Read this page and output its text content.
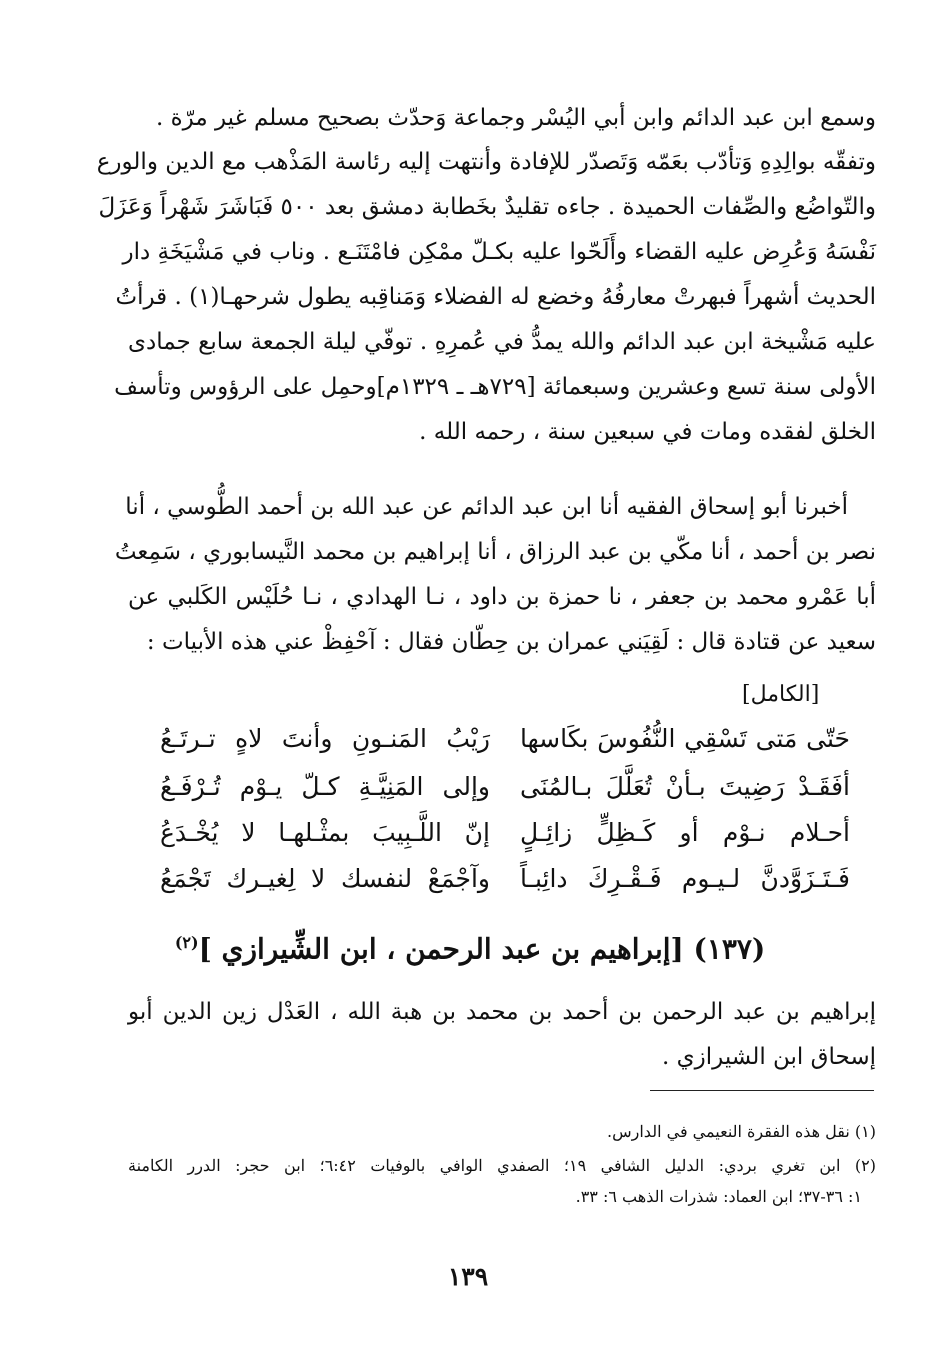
وسمع ابن عبد الدائم وابن أبي اليُسْر وجماعة وَحدّث بصحيح مسلم غير مرّة .
وتفقّه بوالِدِهِ وَتأدّب بعَمّه وَتَصدّر للإفادة وأنتهت إليه رئاسة المَذْهب مع الدين والورع
والتّواضُع والصِّفات الحميدة . جاءه تقليدٌ بخَطابة دمشق بعد ٥٠٠ فَبَاشَرَ شَهْراً وَعَزَلَ
نَفْسَهُ وَعُرِض عليه القضاء وأَلَحّوا عليه بكـلّ ممْكِن فامْتَنَـع . وناب في مَشْيَخَةِ دار
الحديث أشهراً فبهرتْ معارفُهُ وخضع له الفضلاء وَمَناقِبه يطول شرحهـا(١) . قرأتُ
عليه مَشْيخة ابن عبد الدائم والله يمدُّ في عُمرِهِ . توفّي ليلة الجمعة سابع جمادى
الأولى سنة تسع وعشرين وسبعمائة [٧٢٩هـ ـ ١٣٢٩م]وحمِل على الرؤوس وتأسف
الخلق لفقده ومات في سبعين سنة ، رحمه الله .
أخبرنا أبو إسحاق الفقيه أنا ابن عبد الدائم عن عبد الله بن أحمد الطُّوسي ، أنا
نصر بن أحمد ، أنا مكّي بن عبد الرزاق ، أنا إبراهيم بن محمد النَّيسابوري ، سَمِعتُ
أبا عَمْرو محمد بن جعفر ، نا حمزة بن داود ، نـا الهدادي ، نـا حُلَيْس الكَلبي عن
سعيد عن قتادة قال : لَقِيَني عمران بن حِطّان فقال : آحْفِظْ عني هذه الأبيات :
[الكامل]
حَتّى مَتى تَسْقِي النُّفُوسَ بكَاسها
رَيْبُ المَنـونِ وأنتَ لاهٍ تـرتَـعُ
أفَقَـدْ رَضِيتَ بـأنْ تُعَلَّلَ بـالمُنَى
وإلى المَنِيَّـةِ كـلّ يـوْم تُـرْفَـعُ
أحـلام نـوْم أو كَـظِلٍّ زائِـلٍ
إنّ اللَّـبِيبَ بمثْـلهـا لا يُخْـدَعُ
فَـتَـزَوَّدنَّ لـيـوم فَـقْـرِكَ دائِبـاً
وآجْمَعْ لنفسك لا لِغيـرك تَجْمَعُ
(١٣٧) [إبراهيم بن عبد الرحمن ، ابن الشِّيرازي ]$^{(٢)}$
إبراهيم بن عبد الرحمن بن أحمد بن محمد بن هبة الله ، العَدْل زين الدين أبو
إسحاق ابن الشيرازي .
(١) نقل هذه الفقرة النعيمي في الدارس.
(٢) ابن تغري بردي: الدليل الشافي ١٩؛ الصفدي الوافي بالوفيات ٦:٤٢؛ ابن حجر: الدرر الكامنة
١: ٣٦-٣٧؛ ابن العماد: شذرات الذهب ٦: ٣٣.
١٣٩
